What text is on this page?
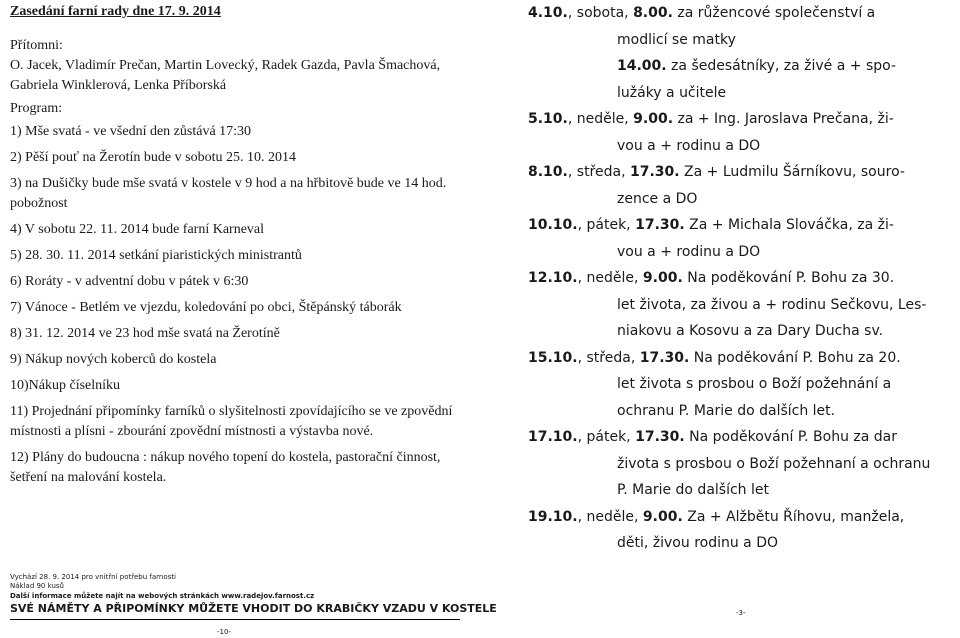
Zasedání farní rady dne 17. 9. 2014
Přítomni:
O. Jacek, Vladimír Prečan, Martin Lovecký, Radek Gazda, Pavla Šmachová, Gabriela Winklerová, Lenka Příborská
Program:
1) Mše svatá - ve všední den zůstává 17:30
2) Pěší pouť na Žerotín bude v sobotu 25. 10. 2014
3) na Dušičky bude mše svatá v kostele v 9 hod a na hřbitově bude ve 14 hod. pobožnost
4) V sobotu 22. 11. 2014 bude farní Karneval
5) 28. 30. 11. 2014 setkání piaristických ministrantů
6) Roráty - v adventní dobu v pátek v 6:30
7) Vánoce - Betlém ve vjezdu, koledování po obci, Štěpánský táborák
8) 31. 12. 2014 ve 23 hod mše svatá na Žerotíně
9) Nákup nových koberců do kostela
10)Nákup číselníku
11) Projednání připomínky farníků o slyšitelnosti zpovídajícího se ve zpovědní místnosti a plísni - zbourání zpovědní místnosti a výstavba nové.
12) Plány do budoucna : nákup nového topení do kostela, pastorační činnost, šetření na malování kostela.
4.10., sobota, 8.00. za růžencové společenství a
modlicí se matky
14.00. za šedesátníky, za živé a + spo-
lužáky a učitele
5.10., neděle, 9.00. za + Ing. Jaroslava Prečana, ži-
vou a + rodinu a DO
8.10., středa, 17.30. Za + Ludmilu Šárníkovu, souro-
zence a DO
10.10., pátek, 17.30. Za + Michala Slováčka, za ži-
vou a + rodinu a DO
12.10., neděle, 9.00. Na poděkování P. Bohu za 30.
let života, za živou a + rodinu Sečkovu, Les-
niakovu a Kosovu a za Dary Ducha sv.
15.10., středa, 17.30. Na poděkování P. Bohu za 20.
let života s prosbou o Boží požehnání a
ochranu P. Marie do dalších let.
17.10., pátek, 17.30. Na poděkování P. Bohu za dar
života s prosbou o Boží požehnaní a ochranu
P. Marie do dalších let
19.10., neděle, 9.00. Za + Alžbětu Říhovu, manžela,
děti, živou rodinu a DO
Vychází 28. 9. 2014 pro vnitřní potřebu farnosti
Náklad 90 kusů
Další informace můžete najít na webových stránkách www.radejov.farnost.cz
SVÉ NÁMĚTY A PŘIPOMÍNKY MŮŽETE VHODIT DO KRABIČKY VZADU V KOSTELE
-10-
-3-
